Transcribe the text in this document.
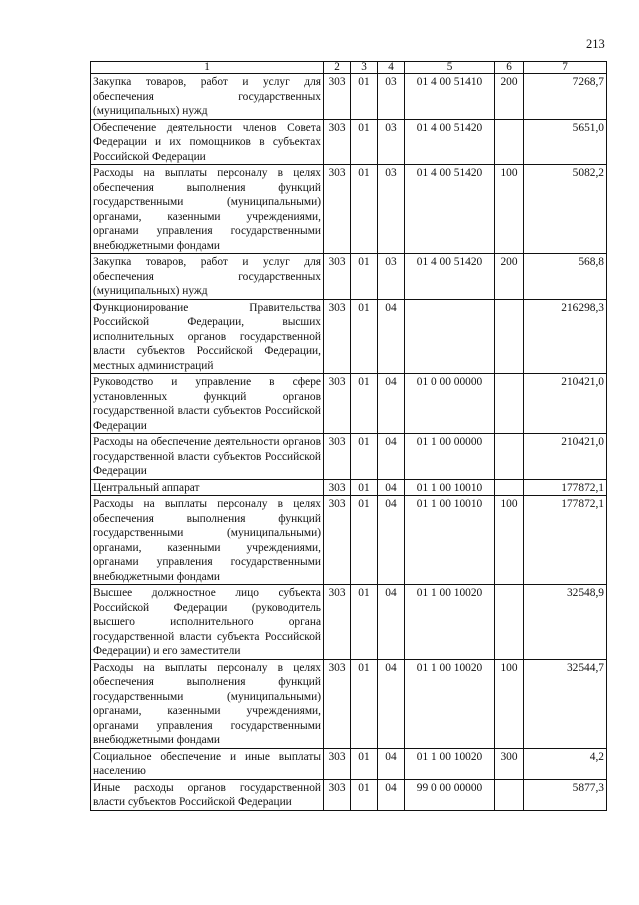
213
1	2	3	4	5	6	7
Закупка товаров, работ и услуг для обеспечения государственных (муниципальных) нужд	303	01	03	01 4 00 51410	200	7268,7
Обеспечение деятельности членов Совета Федерации и их помощников в субъектах Российской Федерации	303	01	03	01 4 00 51420		5651,0
Расходы на выплаты персоналу в целях обеспечения выполнения функций государственными (муниципальными) органами, казенными учреждениями, органами управления государственными внебюджетными фондами	303	01	03	01 4 00 51420	100	5082,2
Закупка товаров, работ и услуг для обеспечения государственных (муниципальных) нужд	303	01	03	01 4 00 51420	200	568,8
Функционирование Правительства Российской Федерации, высших исполнительных органов государственной власти субъектов Российской Федерации, местных администраций	303	01	04			216298,3
Руководство и управление в сфере установленных функций органов государственной власти субъектов Российской Федерации	303	01	04	01 0 00 00000		210421,0
Расходы на обеспечение деятельности органов государственной власти субъектов Российской Федерации	303	01	04	01 1 00 00000		210421,0
Центральный аппарат	303	01	04	01 1 00 10010		177872,1
Расходы на выплаты персоналу в целях обеспечения выполнения функций государственными (муниципальными) органами, казенными учреждениями, органами управления государственными внебюджетными фондами	303	01	04	01 1 00 10010	100	177872,1
Высшее должностное лицо субъекта Российской Федерации (руководитель высшего исполнительного органа государственной власти субъекта Российской Федерации) и его заместители	303	01	04	01 1 00 10020		32548,9
Расходы на выплаты персоналу в целях обеспечения выполнения функций государственными (муниципальными) органами, казенными учреждениями, органами управления государственными внебюджетными фондами	303	01	04	01 1 00 10020	100	32544,7
Социальное обеспечение и иные выплаты населению	303	01	04	01 1 00 10020	300	4,2
Иные расходы органов государственной власти субъектов Российской Федерации	303	01	04	99 0 00 00000		5877,3
